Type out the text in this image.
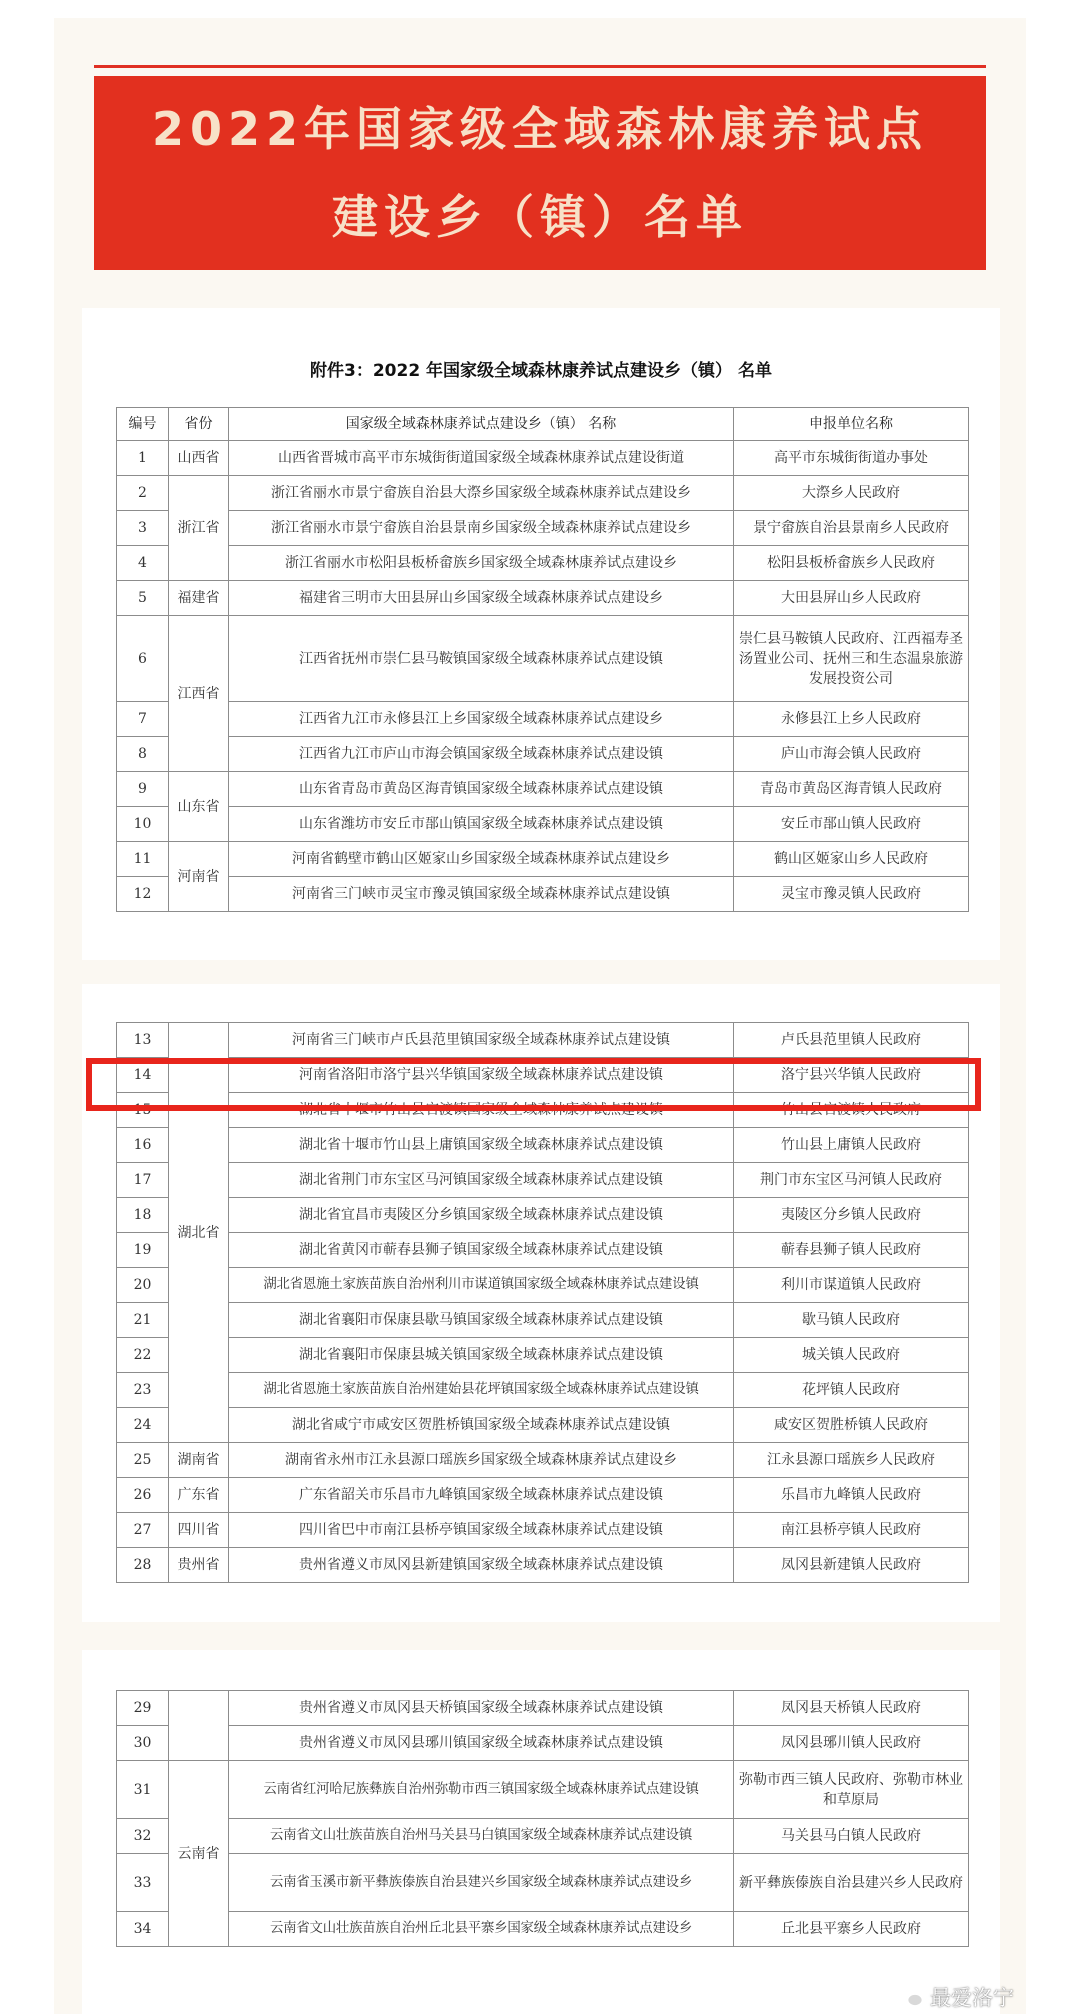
2022年国家级全域森林康养试点
建设乡（镇）名单
附件3：2022 年国家级全域森林康养试点建设乡（镇） 名单
编号	省份	国家级全域森林康养试点建设乡（镇） 名称	申报单位名称
1	山西省	山西省晋城市高平市东城街街道国家级全域森林康养试点建设街道	高平市东城街街道办事处
2	浙江省	浙江省丽水市景宁畲族自治县大漈乡国家级全域森林康养试点建设乡	大漈乡人民政府
3		浙江省丽水市景宁畲族自治县景南乡国家级全域森林康养试点建设乡	景宁畲族自治县景南乡人民政府
4		浙江省丽水市松阳县板桥畲族乡国家级全域森林康养试点建设乡	松阳县板桥畲族乡人民政府
5	福建省	福建省三明市大田县屏山乡国家级全域森林康养试点建设乡	大田县屏山乡人民政府
6	江西省	江西省抚州市崇仁县马鞍镇国家级全域森林康养试点建设镇	崇仁县马鞍镇人民政府、江西福寿圣汤置业公司、抚州三和生态温泉旅游发展投资公司
7		江西省九江市永修县江上乡国家级全域森林康养试点建设乡	永修县江上乡人民政府
8		江西省九江市庐山市海会镇国家级全域森林康养试点建设镇	庐山市海会镇人民政府
9	山东省	山东省青岛市黄岛区海青镇国家级全域森林康养试点建设镇	青岛市黄岛区海青镇人民政府
10		山东省潍坊市安丘市郚山镇国家级全域森林康养试点建设镇	安丘市郚山镇人民政府
11	河南省	河南省鹤壁市鹤山区姬家山乡国家级全域森林康养试点建设乡	鹤山区姬家山乡人民政府
12		河南省三门峡市灵宝市豫灵镇国家级全域森林康养试点建设镇	灵宝市豫灵镇人民政府
13	湖北省	河南省三门峡市卢氏县范里镇国家级全域森林康养试点建设镇	卢氏县范里镇人民政府
14		河南省洛阳市洛宁县兴华镇国家级全域森林康养试点建设镇	洛宁县兴华镇人民政府
15		湖北省十堰市竹山县官渡镇国家级全域森林康养试点建设镇	竹山县官渡镇人民政府
16		湖北省十堰市竹山县上庸镇国家级全域森林康养试点建设镇	竹山县上庸镇人民政府
17		湖北省荆门市东宝区马河镇国家级全域森林康养试点建设镇	荆门市东宝区马河镇人民政府
18		湖北省宜昌市夷陵区分乡镇国家级全域森林康养试点建设镇	夷陵区分乡镇人民政府
19		湖北省黄冈市蕲春县狮子镇国家级全域森林康养试点建设镇	蕲春县狮子镇人民政府
20		湖北省恩施土家族苗族自治州利川市谋道镇国家级全域森林康养试点建设镇	利川市谋道镇人民政府
21		湖北省襄阳市保康县歇马镇国家级全域森林康养试点建设镇	歇马镇人民政府
22		湖北省襄阳市保康县城关镇国家级全域森林康养试点建设镇	城关镇人民政府
23		湖北省恩施土家族苗族自治州建始县花坪镇国家级全域森林康养试点建设镇	花坪镇人民政府
24		湖北省咸宁市咸安区贺胜桥镇国家级全域森林康养试点建设镇	咸安区贺胜桥镇人民政府
25	湖南省	湖南省永州市江永县源口瑶族乡国家级全域森林康养试点建设乡	江永县源口瑶族乡人民政府
26	广东省	广东省韶关市乐昌市九峰镇国家级全域森林康养试点建设镇	乐昌市九峰镇人民政府
27	四川省	四川省巴中市南江县桥亭镇国家级全域森林康养试点建设镇	南江县桥亭镇人民政府
28	贵州省	贵州省遵义市凤冈县新建镇国家级全域森林康养试点建设镇	凤冈县新建镇人民政府
29		贵州省遵义市凤冈县天桥镇国家级全域森林康养试点建设镇	凤冈县天桥镇人民政府
30		贵州省遵义市凤冈县琊川镇国家级全域森林康养试点建设镇	凤冈县琊川镇人民政府
31	云南省	云南省红河哈尼族彝族自治州弥勒市西三镇国家级全域森林康养试点建设镇	弥勒市西三镇人民政府、弥勒市林业和草原局
32		云南省文山壮族苗族自治州马关县马白镇国家级全域森林康养试点建设镇	马关县马白镇人民政府
33		云南省玉溪市新平彝族傣族自治县建兴乡国家级全域森林康养试点建设乡	新平彝族傣族自治县建兴乡人民政府
34		云南省文山壮族苗族自治州丘北县平寨乡国家级全域森林康养试点建设乡	丘北县平寨乡人民政府
最爱洛宁
